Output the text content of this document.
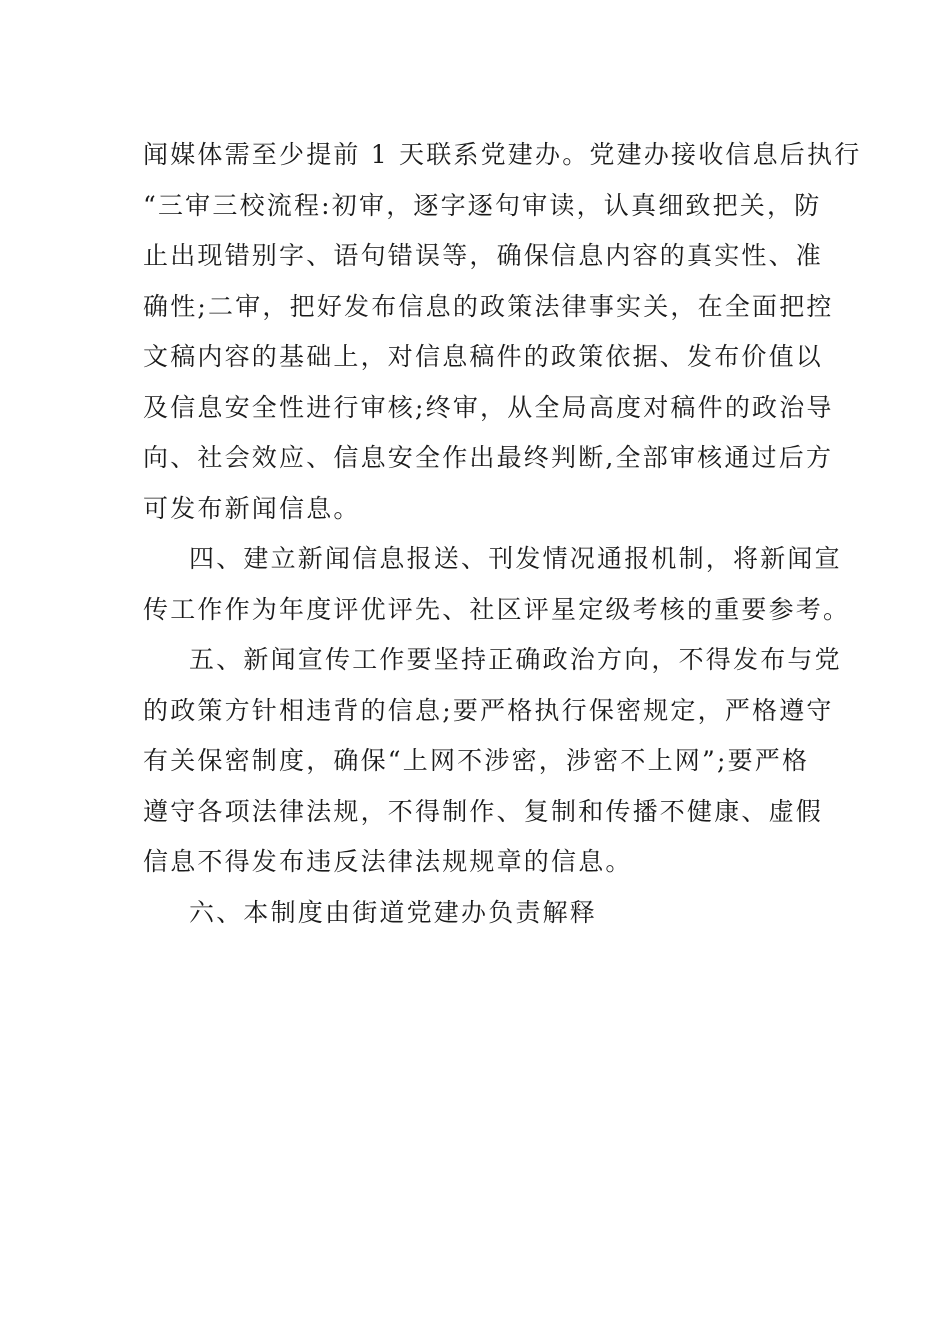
闻媒体需至少提前 1 天联系党建办。党建办接收信息后执行
“三审三校流程:初审，逐字逐句审读，认真细致把关，防
止出现错别字、语句错误等，确保信息内容的真实性、准
确性;二审，把好发布信息的政策法律事实关，在全面把控
文稿内容的基础上，对信息稿件的政策依据、发布价值以
及信息安全性进行审核;终审，从全局高度对稿件的政治导
向、社会效应、信息安全作出最终判断,全部审核通过后方
可发布新闻信息。

四、建立新闻信息报送、刊发情况通报机制，将新闻宣
传工作作为年度评优评先、社区评星定级考核的重要参考。

五、新闻宣传工作要坚持正确政治方向，不得发布与党
的政策方针相违背的信息;要严格执行保密规定，严格遵守
有关保密制度，确保“上网不涉密，涉密不上网”;要严格
遵守各项法律法规，不得制作、复制和传播不健康、虚假
信息不得发布违反法律法规规章的信息。

六、本制度由街道党建办负责解释
